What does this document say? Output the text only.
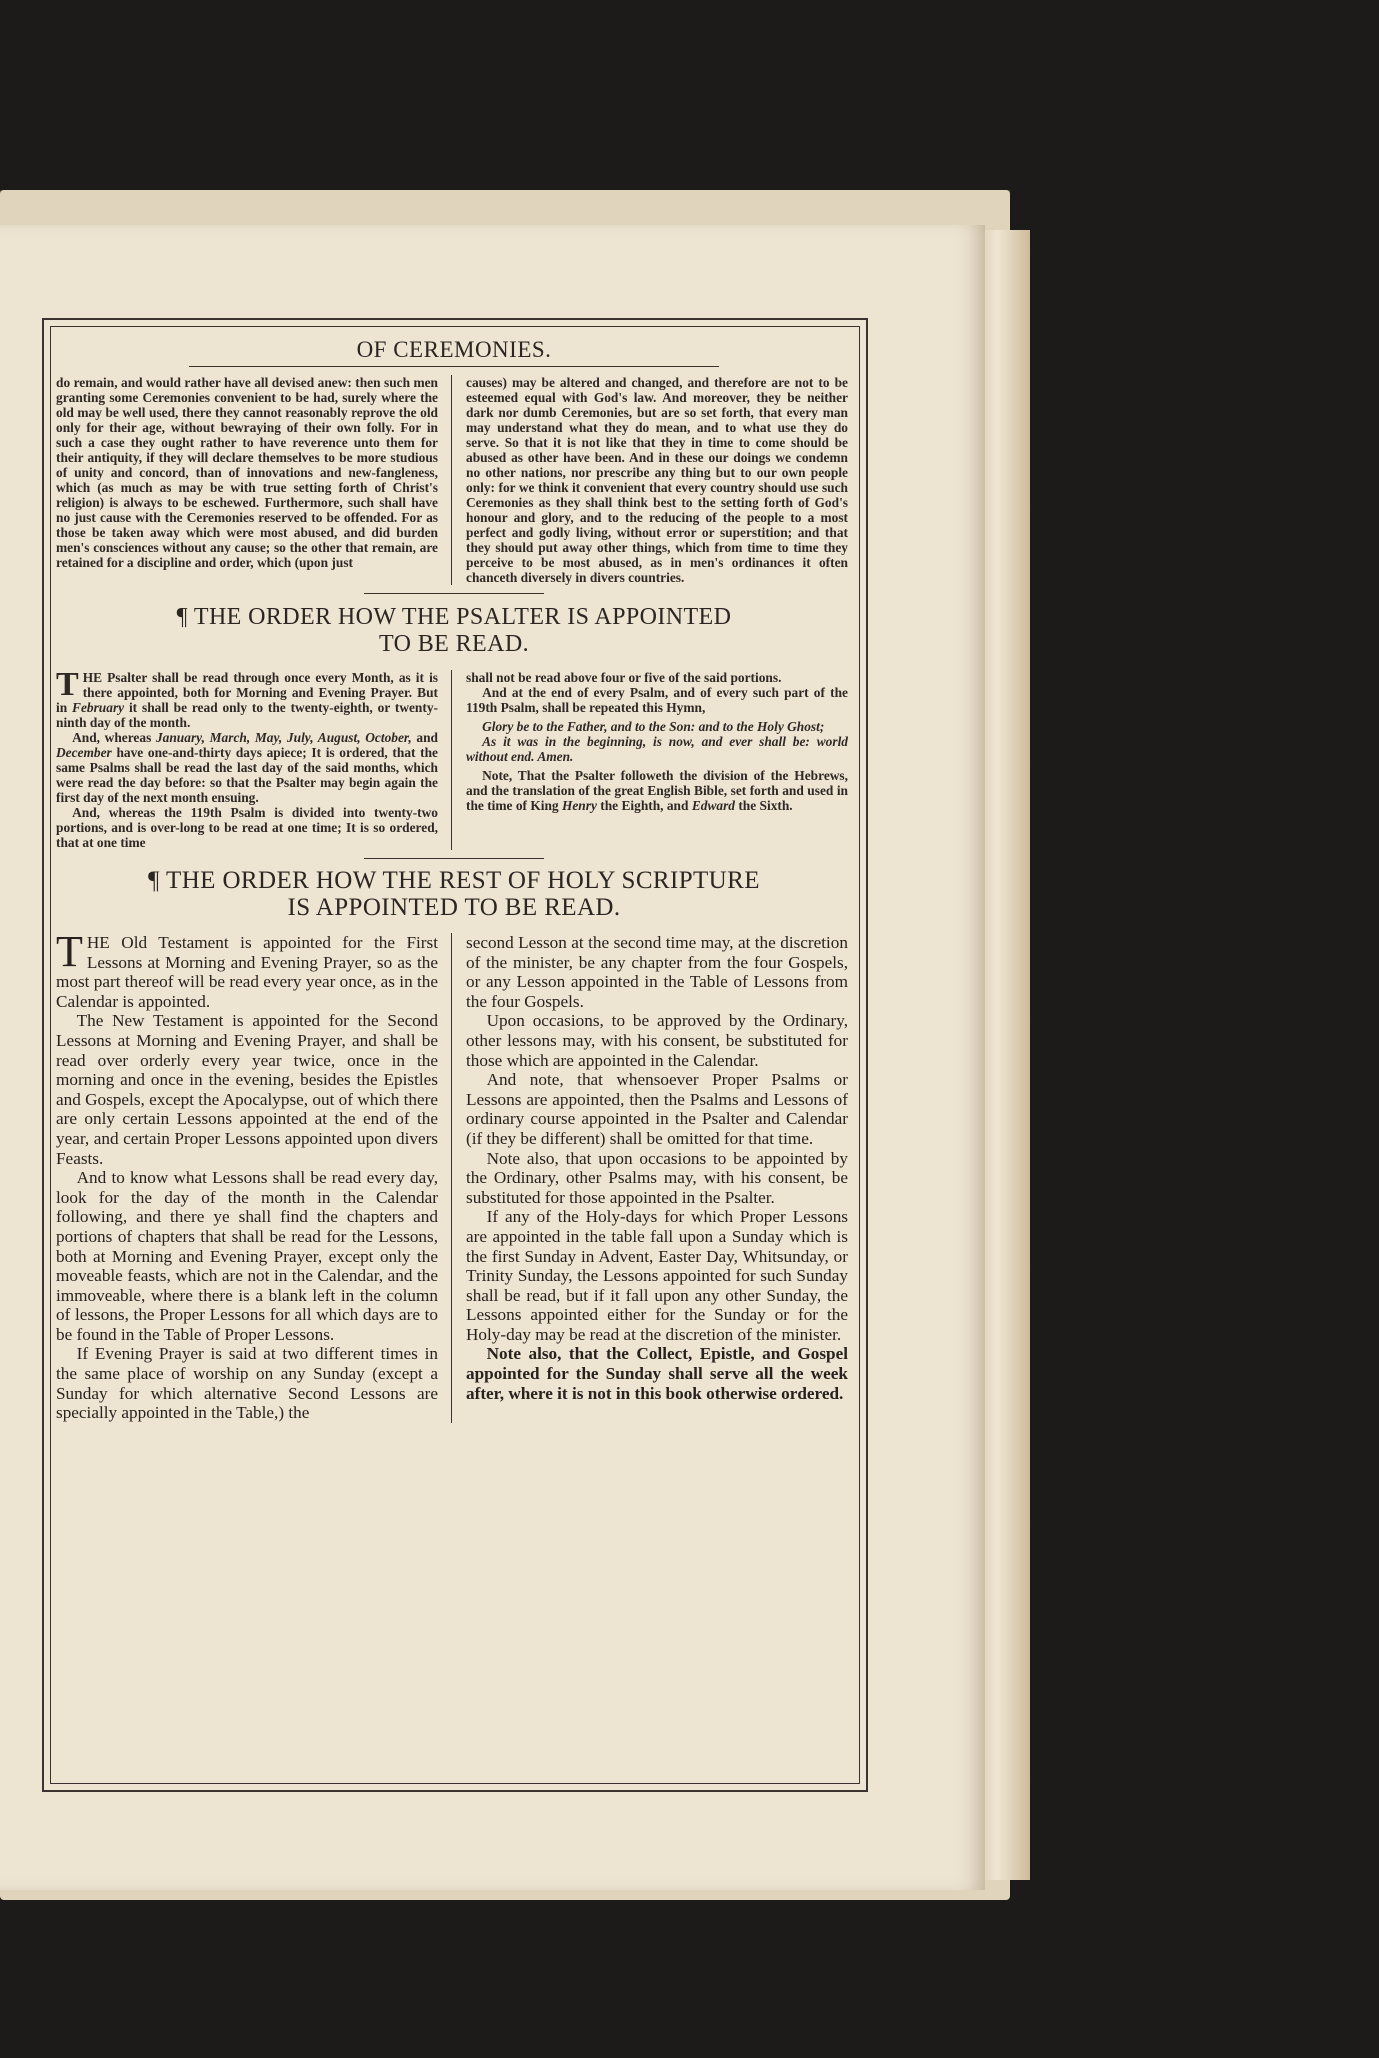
OF CEREMONIES.

do remain, and would rather have all devised anew: then such men granting some Ceremonies convenient to be had, surely where the old may be well used, there they cannot reasonably reprove the old only for their age, without bewraying of their own folly. For in such a case they ought rather to have reverence unto them for their antiquity, if they will declare themselves to be more studious of unity and concord, than of innovations and new-fangleness, which (as much as may be with true setting forth of Christ's religion) is always to be eschewed. Furthermore, such shall have no just cause with the Ceremonies reserved to be offended. For as those be taken away which were most abused, and did burden men's consciences without any cause; so the other that remain, are retained for a discipline and order, which (upon just

causes) may be altered and changed, and therefore are not to be esteemed equal with God's law. And moreover, they be neither dark nor dumb Ceremonies, but are so set forth, that every man may understand what they do mean, and to what use they do serve. So that it is not like that they in time to come should be abused as other have been. And in these our doings we condemn no other nations, nor prescribe any thing but to our own people only: for we think it convenient that every country should use such Ceremonies as they shall think best to the setting forth of God's honour and glory, and to the reducing of the people to a most perfect and godly living, without error or superstition; and that they should put away other things, which from time to time they perceive to be most abused, as in men's ordinances it often chanceth diversely in divers countries.

¶ THE ORDER HOW THE PSALTER IS APPOINTED
TO BE READ.

THE Psalter shall be read through once every Month, as it is there appointed, both for Morning and Evening Prayer. But in February it shall be read only to the twenty-eighth, or twenty-ninth day of the month.

And, whereas January, March, May, July, August, October, and December have one-and-thirty days apiece; It is ordered, that the same Psalms shall be read the last day of the said months, which were read the day before: so that the Psalter may begin again the first day of the next month ensuing.

And, whereas the 119th Psalm is divided into twenty-two portions, and is over-long to be read at one time; It is so ordered, that at one time

shall not be read above four or five of the said portions.

And at the end of every Psalm, and of every such part of the 119th Psalm, shall be repeated this Hymn,

Glory be to the Father, and to the Son: and to the Holy Ghost;

As it was in the beginning, is now, and ever shall be: world without end. Amen.

Note, That the Psalter followeth the division of the Hebrews, and the translation of the great English Bible, set forth and used in the time of King Henry the Eighth, and Edward the Sixth.

¶ THE ORDER HOW THE REST OF HOLY SCRIPTURE
IS APPOINTED TO BE READ.

THE Old Testament is appointed for the First Lessons at Morning and Evening Prayer, so as the most part thereof will be read every year once, as in the Calendar is appointed.

The New Testament is appointed for the Second Lessons at Morning and Evening Prayer, and shall be read over orderly every year twice, once in the morning and once in the evening, besides the Epistles and Gospels, except the Apocalypse, out of which there are only certain Lessons appointed at the end of the year, and certain Proper Lessons appointed upon divers Feasts.

And to know what Lessons shall be read every day, look for the day of the month in the Calendar following, and there ye shall find the chapters and portions of chapters that shall be read for the Lessons, both at Morning and Evening Prayer, except only the moveable feasts, which are not in the Calendar, and the immoveable, where there is a blank left in the column of lessons, the Proper Lessons for all which days are to be found in the Table of Proper Lessons.

If Evening Prayer is said at two different times in the same place of worship on any Sunday (except a Sunday for which alternative Second Lessons are specially appointed in the Table,) the

second Lesson at the second time may, at the discretion of the minister, be any chapter from the four Gospels, or any Lesson appointed in the Table of Lessons from the four Gospels.

Upon occasions, to be approved by the Ordinary, other lessons may, with his consent, be substituted for those which are appointed in the Calendar.

And note, that whensoever Proper Psalms or Lessons are appointed, then the Psalms and Lessons of ordinary course appointed in the Psalter and Calendar (if they be different) shall be omitted for that time.

Note also, that upon occasions to be appointed by the Ordinary, other Psalms may, with his consent, be substituted for those appointed in the Psalter.

If any of the Holy-days for which Proper Lessons are appointed in the table fall upon a Sunday which is the first Sunday in Advent, Easter Day, Whitsunday, or Trinity Sunday, the Lessons appointed for such Sunday shall be read, but if it fall upon any other Sunday, the Lessons appointed either for the Sunday or for the Holy-day may be read at the discretion of the minister.

Note also, that the Collect, Epistle, and Gospel appointed for the Sunday shall serve all the week after, where it is not in this book otherwise ordered.
